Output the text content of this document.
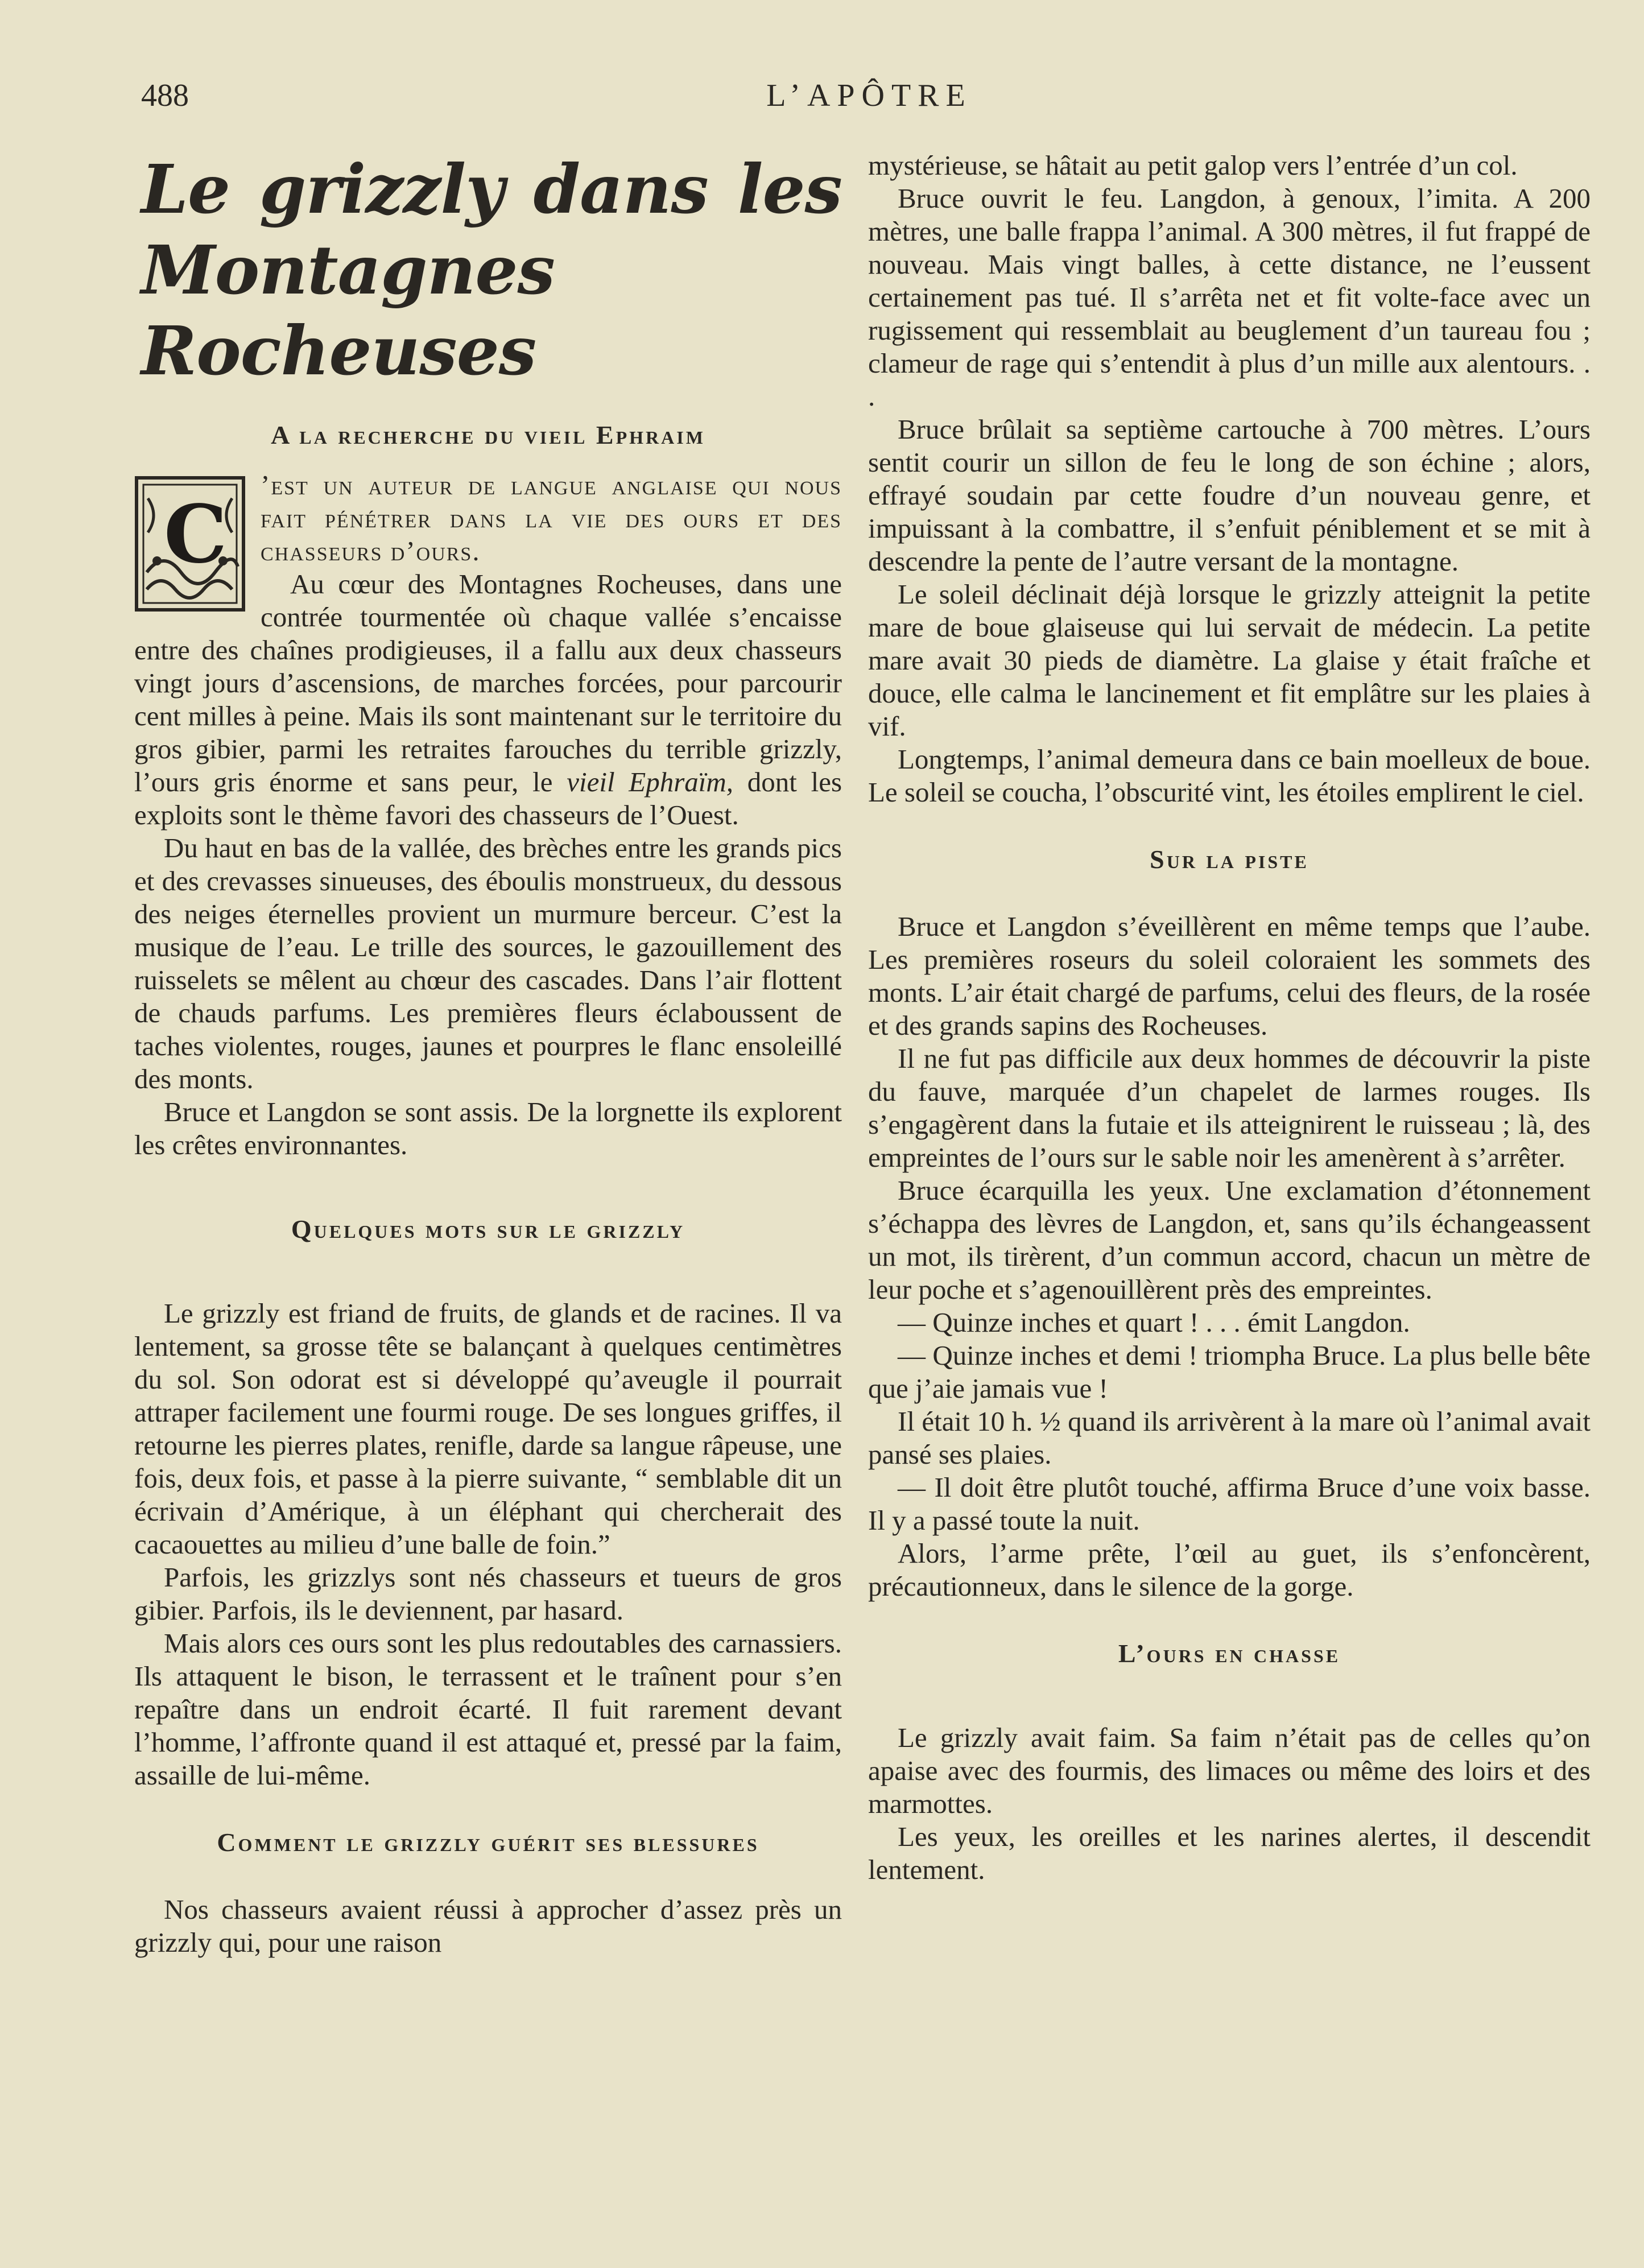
488	L’APÔTRE
Le grizzly dans les Montagnes Rocheuses
A la recherche du vieil Ephraim

C
’est un auteur de langue anglaise qui nous fait pénétrer dans la vie des ours et des chasseurs d’ours.

Au cœur des Montagnes Rocheuses, dans une contrée tourmentée où chaque vallée s’encaisse entre des chaînes prodigieuses, il a fallu aux deux chasseurs vingt jours d’ascensions, de marches forcées, pour parcourir cent milles à peine. Mais ils sont maintenant sur le territoire du gros gibier, parmi les retraites farouches du terrible grizzly, l’ours gris énorme et sans peur, le vieil Ephraïm, dont les exploits sont le thème favori des chasseurs de l’Ouest.

Du haut en bas de la vallée, des brèches entre les grands pics et des crevasses sinueuses, des éboulis monstrueux, du dessous des neiges éternelles provient un murmure berceur. C’est la musique de l’eau. Le trille des sources, le gazouillement des ruisselets se mêlent au chœur des cascades. Dans l’air flottent de chauds parfums. Les premières fleurs éclaboussent de taches violentes, rouges, jaunes et pourpres le flanc ensoleillé des monts.

Bruce et Langdon se sont assis. De la lorgnette ils explorent les crêtes environnantes.

Quelques mots sur le grizzly

Le grizzly est friand de fruits, de glands et de racines. Il va lentement, sa grosse tête se balançant à quelques centimètres du sol. Son odorat est si développé qu’aveugle il pourrait attraper facilement une fourmi rouge. De ses longues griffes, il retourne les pierres plates, renifle, darde sa langue râpeuse, une fois, deux fois, et passe à la pierre suivante, “ semblable dit un écrivain d’Amérique, à un éléphant qui chercherait des cacaouettes au milieu d’une balle de foin.”

Parfois, les grizzlys sont nés chasseurs et tueurs de gros gibier. Parfois, ils le deviennent, par hasard.

Mais alors ces ours sont les plus redoutables des carnassiers. Ils attaquent le bison, le terrassent et le traînent pour s’en repaître dans un endroit écarté. Il fuit rarement devant l’homme, l’affronte quand il est attaqué et, pressé par la faim, assaille de lui-même.

Comment le grizzly guérit ses blessures

Nos chasseurs avaient réussi à approcher d’assez près un grizzly qui, pour une raison

mystérieuse, se hâtait au petit galop vers l’entrée d’un col.

Bruce ouvrit le feu. Langdon, à genoux, l’imita. A 200 mètres, une balle frappa l’animal. A 300 mètres, il fut frappé de nouveau. Mais vingt balles, à cette distance, ne l’eussent certainement pas tué. Il s’arrêta net et fit volte-face avec un rugissement qui ressemblait au beuglement d’un taureau fou ; clameur de rage qui s’entendit à plus d’un mille aux alentours. . .

Bruce brûlait sa septième cartouche à 700 mètres. L’ours sentit courir un sillon de feu le long de son échine ; alors, effrayé soudain par cette foudre d’un nouveau genre, et impuissant à la combattre, il s’enfuit péniblement et se mit à descendre la pente de l’autre versant de la montagne.

Le soleil déclinait déjà lorsque le grizzly atteignit la petite mare de boue glaiseuse qui lui servait de médecin. La petite mare avait 30 pieds de diamètre. La glaise y était fraîche et douce, elle calma le lancinement et fit emplâtre sur les plaies à vif.

Longtemps, l’animal demeura dans ce bain moelleux de boue. Le soleil se coucha, l’obscurité vint, les étoiles emplirent le ciel.

Sur la piste

Bruce et Langdon s’éveillèrent en même temps que l’aube. Les premières roseurs du soleil coloraient les sommets des monts. L’air était chargé de parfums, celui des fleurs, de la rosée et des grands sapins des Rocheuses.

Il ne fut pas difficile aux deux hommes de découvrir la piste du fauve, marquée d’un chapelet de larmes rouges. Ils s’engagèrent dans la futaie et ils atteignirent le ruisseau ; là, des empreintes de l’ours sur le sable noir les amenèrent à s’arrêter.

Bruce écarquilla les yeux. Une exclamation d’étonnement s’échappa des lèvres de Langdon, et, sans qu’ils échangeassent un mot, ils tirèrent, d’un commun accord, chacun un mètre de leur poche et s’agenouillèrent près des empreintes.

— Quinze inches et quart ! . . . émit Langdon.

— Quinze inches et demi ! triompha Bruce. La plus belle bête que j’aie jamais vue !

Il était 10 h. ½ quand ils arrivèrent à la mare où l’animal avait pansé ses plaies.

— Il doit être plutôt touché, affirma Bruce d’une voix basse. Il y a passé toute la nuit.

Alors, l’arme prête, l’œil au guet, ils s’enfoncèrent, précautionneux, dans le silence de la gorge.

L’ours en chasse

Le grizzly avait faim. Sa faim n’était pas de celles qu’on apaise avec des fourmis, des limaces ou même des loirs et des marmottes.

Les yeux, les oreilles et les narines alertes, il descendit lentement.
